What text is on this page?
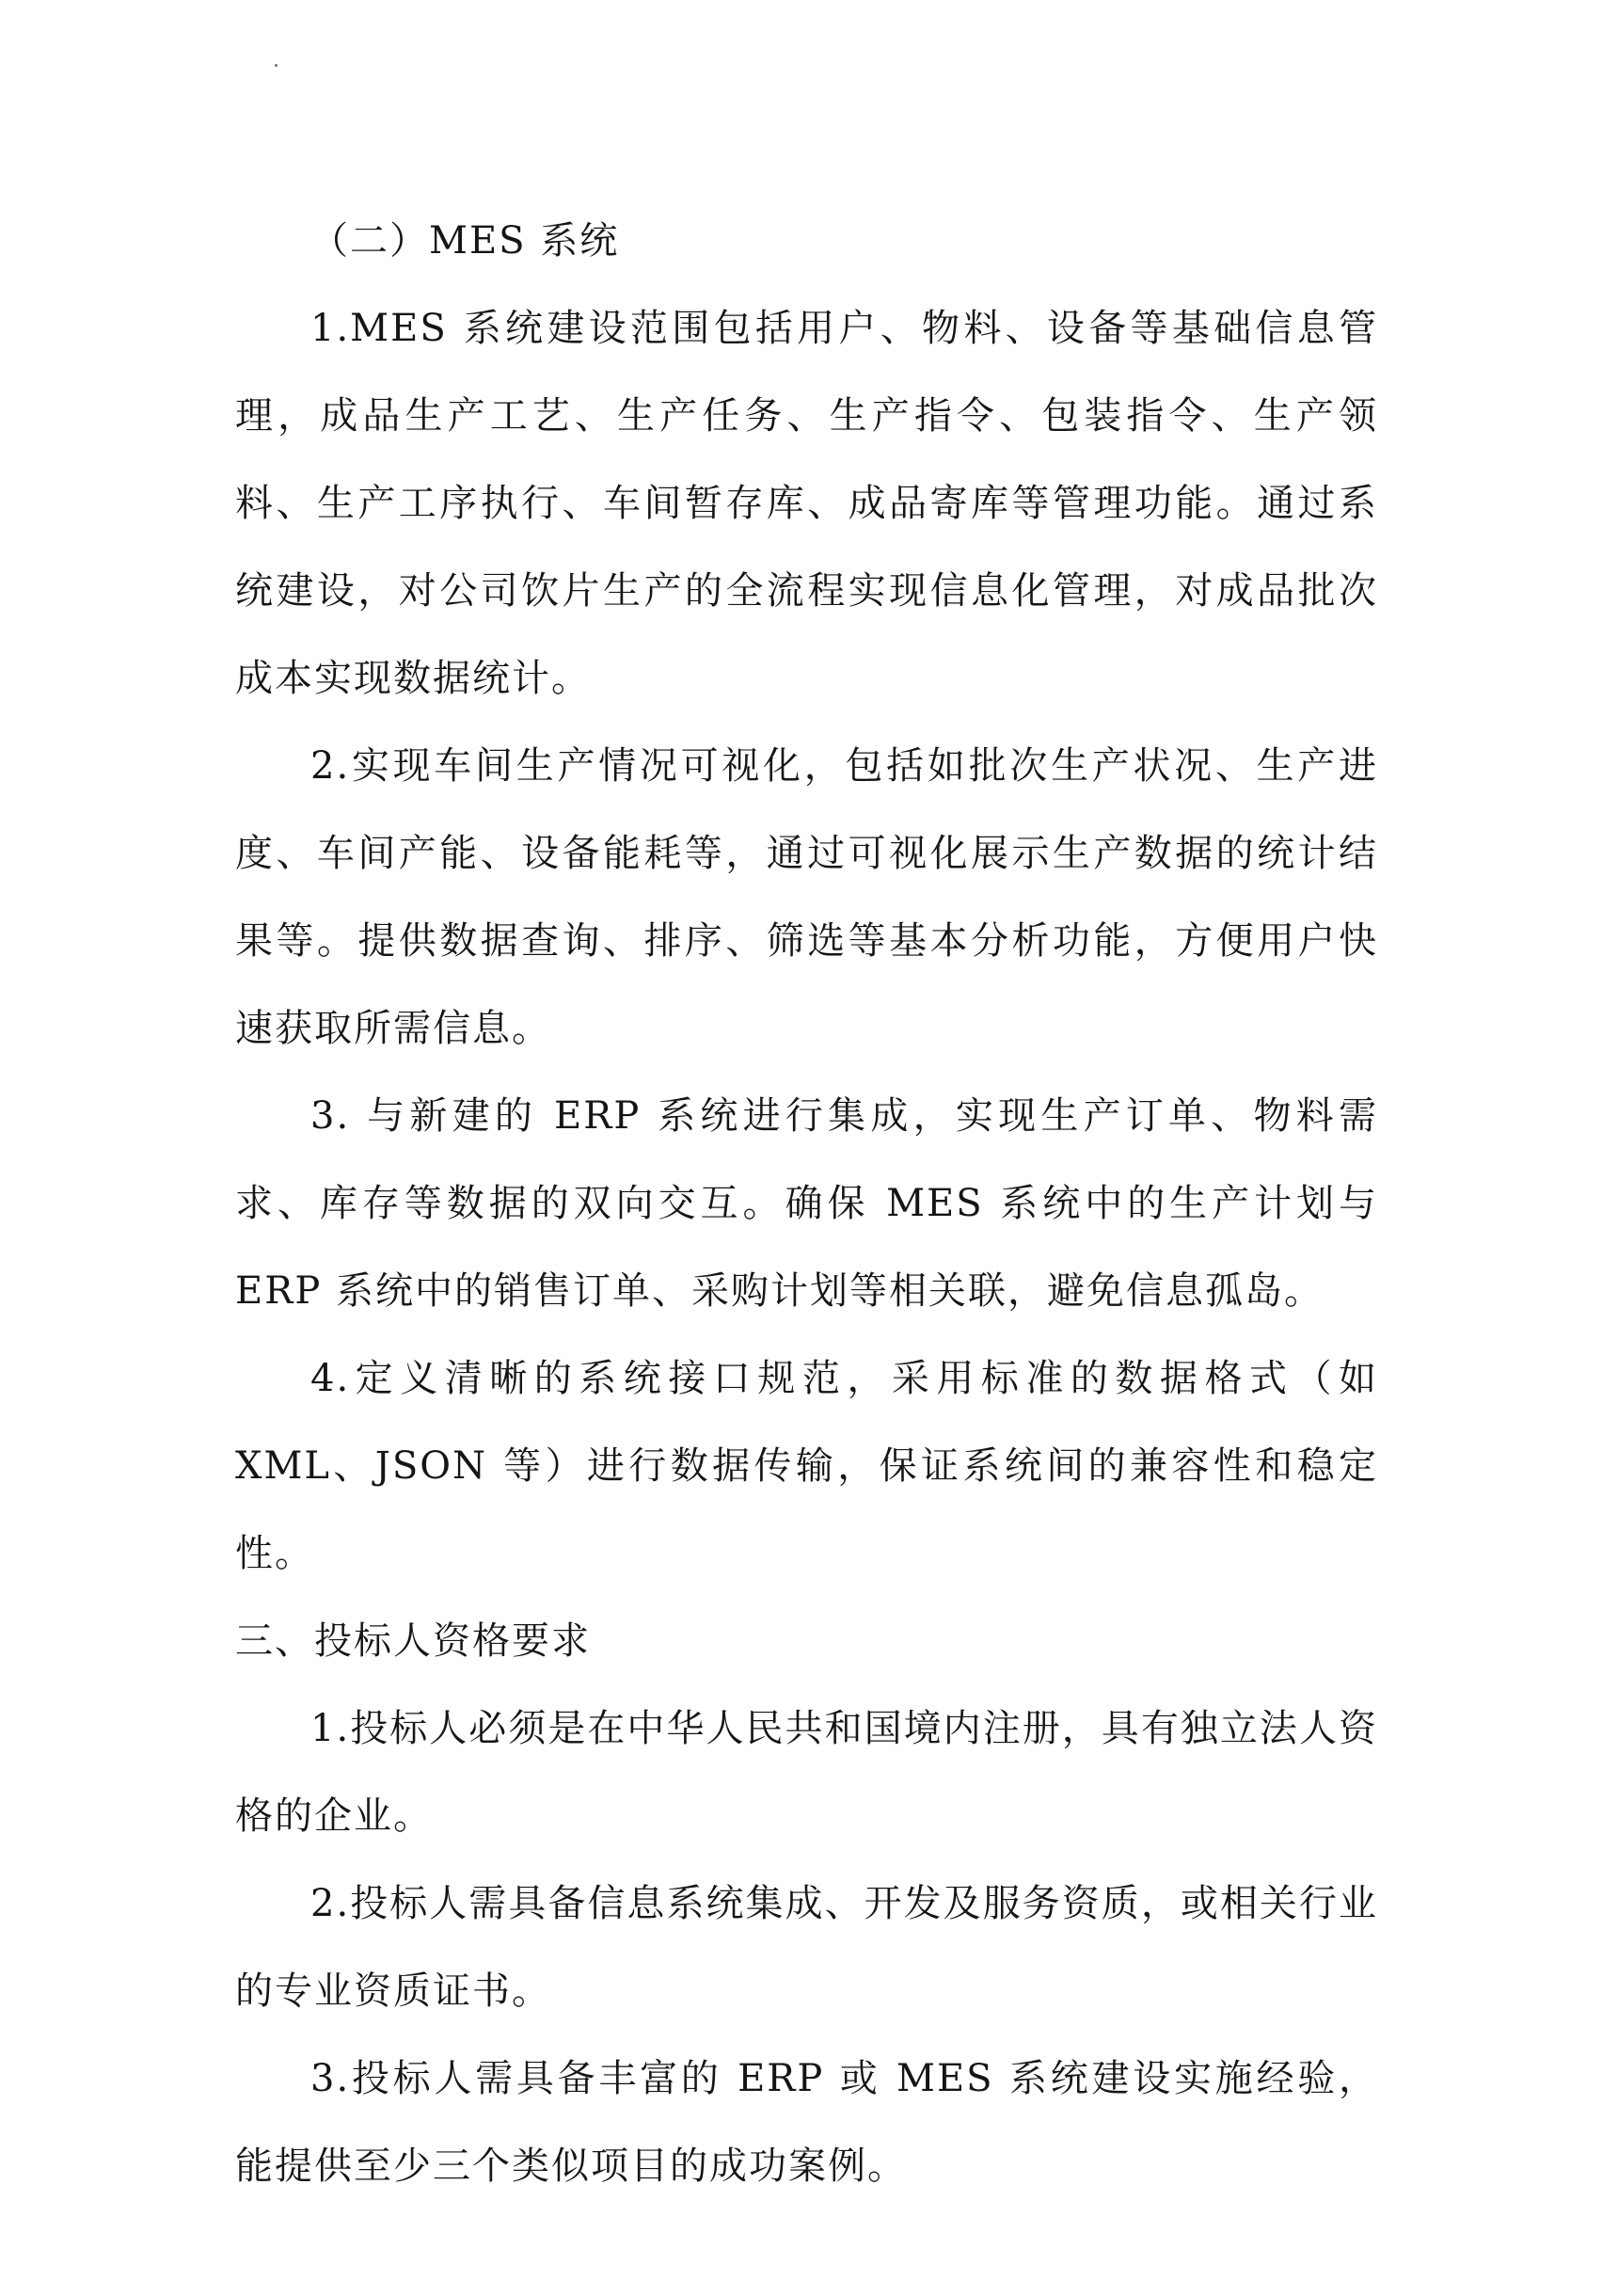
（二）MES 系统

1.MES 系统建设范围包括用户、物料、设备等基础信息管理，成品生产工艺、生产任务、生产指令、包装指令、生产领料、生产工序执行、车间暂存库、成品寄库等管理功能。通过系统建设，对公司饮片生产的全流程实现信息化管理，对成品批次成本实现数据统计。

2.实现车间生产情况可视化，包括如批次生产状况、生产进度、车间产能、设备能耗等，通过可视化展示生产数据的统计结果等。提供数据查询、排序、筛选等基本分析功能，方便用户快速获取所需信息。

3. 与新建的 ERP 系统进行集成，实现生产订单、物料需求、库存等数据的双向交互。确保 MES 系统中的生产计划与 ERP 系统中的销售订单、采购计划等相关联，避免信息孤岛。

4.定义清晰的系统接口规范，采用标准的数据格式（如 XML、JSON 等）进行数据传输，保证系统间的兼容性和稳定性。

三、投标人资格要求

1.投标人必须是在中华人民共和国境内注册，具有独立法人资格的企业。

2.投标人需具备信息系统集成、开发及服务资质，或相关行业的专业资质证书。

3.投标人需具备丰富的 ERP 或 MES 系统建设实施经验，能提供至少三个类似项目的成功案例。
